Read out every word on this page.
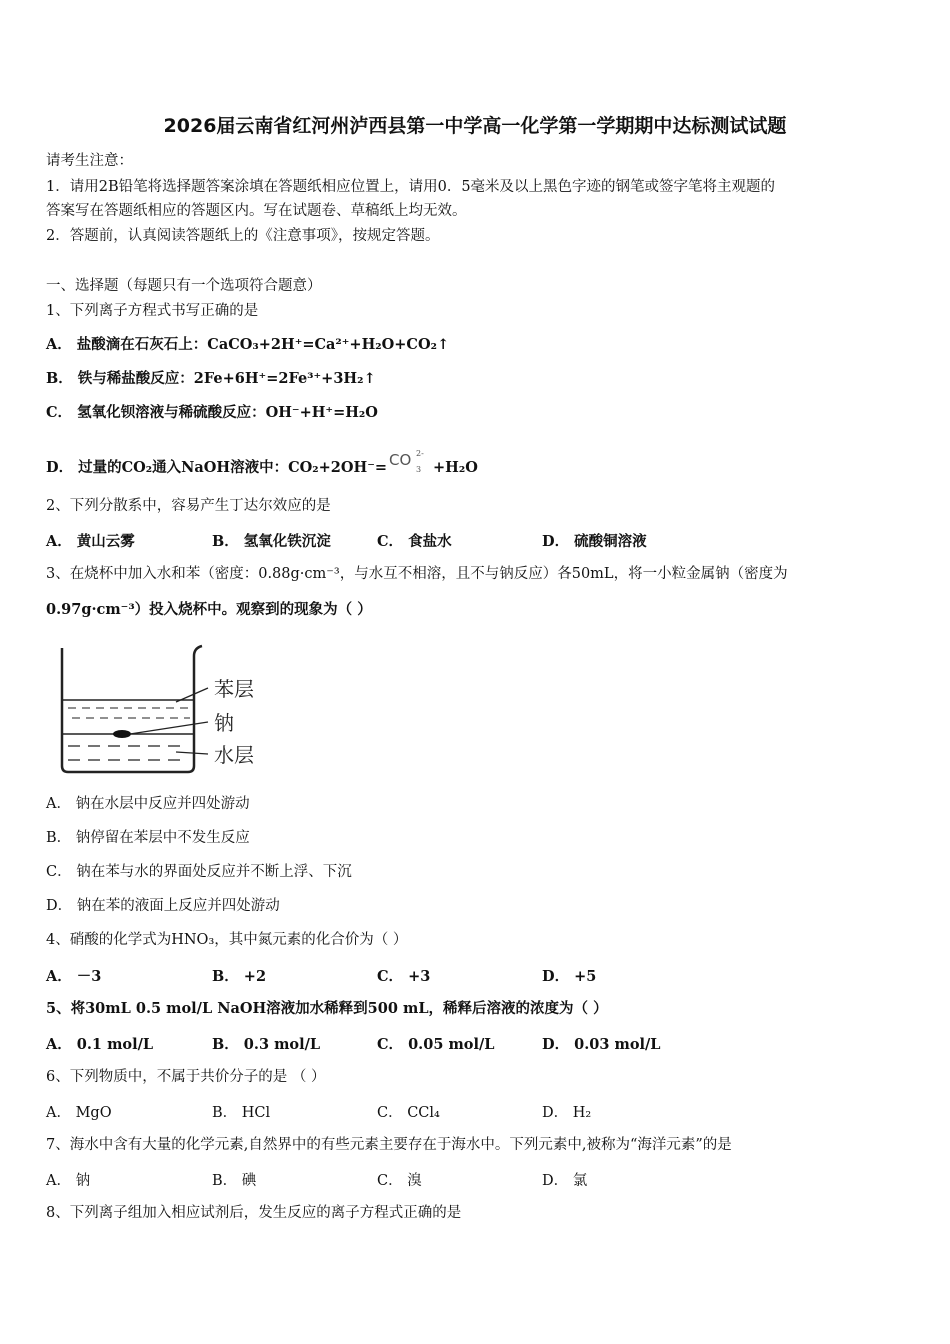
2026届云南省红河州泸西县第一中学高一化学第一学期期中达标测试试题
请考生注意：
1．请用2B铅笔将选择题答案涂填在答题纸相应位置上，请用0．5毫米及以上黑色字迹的钢笔或签字笔将主观题的
答案写在答题纸相应的答题区内。写在试题卷、草稿纸上均无效。
2．答题前，认真阅读答题纸上的《注意事项》，按规定答题。
一、选择题（每题只有一个选项符合题意）
1、下列离子方程式书写正确的是
A． 盐酸滴在石灰石上：CaCO₃+2H⁺=Ca²⁺+H₂O+CO₂↑
B． 铁与稀盐酸反应：2Fe+6H⁺=2Fe³⁺+3H₂↑
C． 氢氧化钡溶液与稀硫酸反应：OH⁻+H⁺=H₂O
D． 过量的CO₂通入NaOH溶液中：CO₂+2OH⁻= CO 2-
3 +H₂O
2、下列分散系中，容易产生丁达尔效应的是
A． 黄山云雾	B． 氢氧化铁沉淀	C． 食盐水	D． 硫酸铜溶液
3、在烧杯中加入水和苯（密度：0.88g·cm⁻³，与水互不相溶，且不与钠反应）各50mL，将一小粒金属钠（密度为
0.97g·cm⁻³）投入烧杯中。观察到的现象为（ ）
苯层
钠
水层
A． 钠在水层中反应并四处游动
B． 钠停留在苯层中不发生反应
C． 钠在苯与水的界面处反应并不断上浮、下沉
D． 钠在苯的液面上反应并四处游动
4、硝酸的化学式为HNO₃，其中氮元素的化合价为（ ）
A． －3	B． +2	C． +3	D． +5
5、将30mL 0.5 mol/L NaOH溶液加水稀释到500 mL，稀释后溶液的浓度为（ ）
A． 0.1 mol/L	B． 0.3 mol/L	C． 0.05 mol/L	D． 0.03 mol/L
6、下列物质中，不属于共价分子的是 （ ）
A． MgO	B． HCl	C． CCl₄	D． H₂
7、海水中含有大量的化学元素,自然界中的有些元素主要存在于海水中。下列元素中,被称为“海洋元素”的是
A． 钠	B． 碘	C． 溴	D． 氯
8、下列离子组加入相应试剂后，发生反应的离子方程式正确的是
